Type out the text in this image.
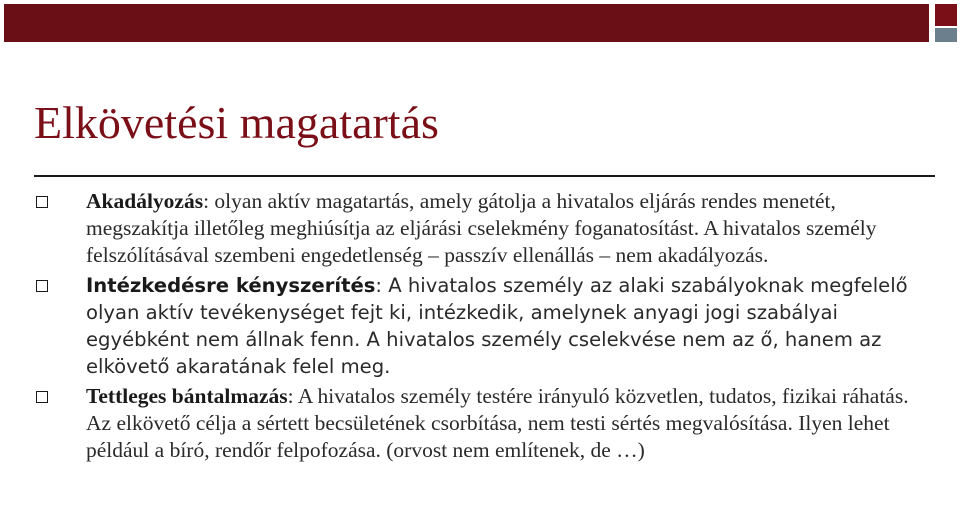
Elkövetési magatartás
Akadályozás: olyan aktív magatartás, amely gátolja a hivatalos eljárás rendes menetét, megszakítja illetőleg meghiúsítja az eljárási cselekmény foganatosítást. A hivatalos személy felszólításával szembeni engedetlenség – passzív ellenállás – nem akadályozás.
Intézkedésre kényszerítés: A hivatalos személy az alaki szabályoknak megfelelő olyan aktív tevékenységet fejt ki, intézkedik, amelynek anyagi jogi szabályai egyébként nem állnak fenn. A hivatalos személy cselekvése nem az ő, hanem az elkövető akaratának felel meg.
Tettleges bántalmazás: A hivatalos személy testére irányuló közvetlen, tudatos, fizikai ráhatás. Az elkövető célja a sértett becsületének csorbítása, nem testi sértés megvalósítása. Ilyen lehet például a bíró, rendőr felpofozása. (orvost nem említenek, de …)
